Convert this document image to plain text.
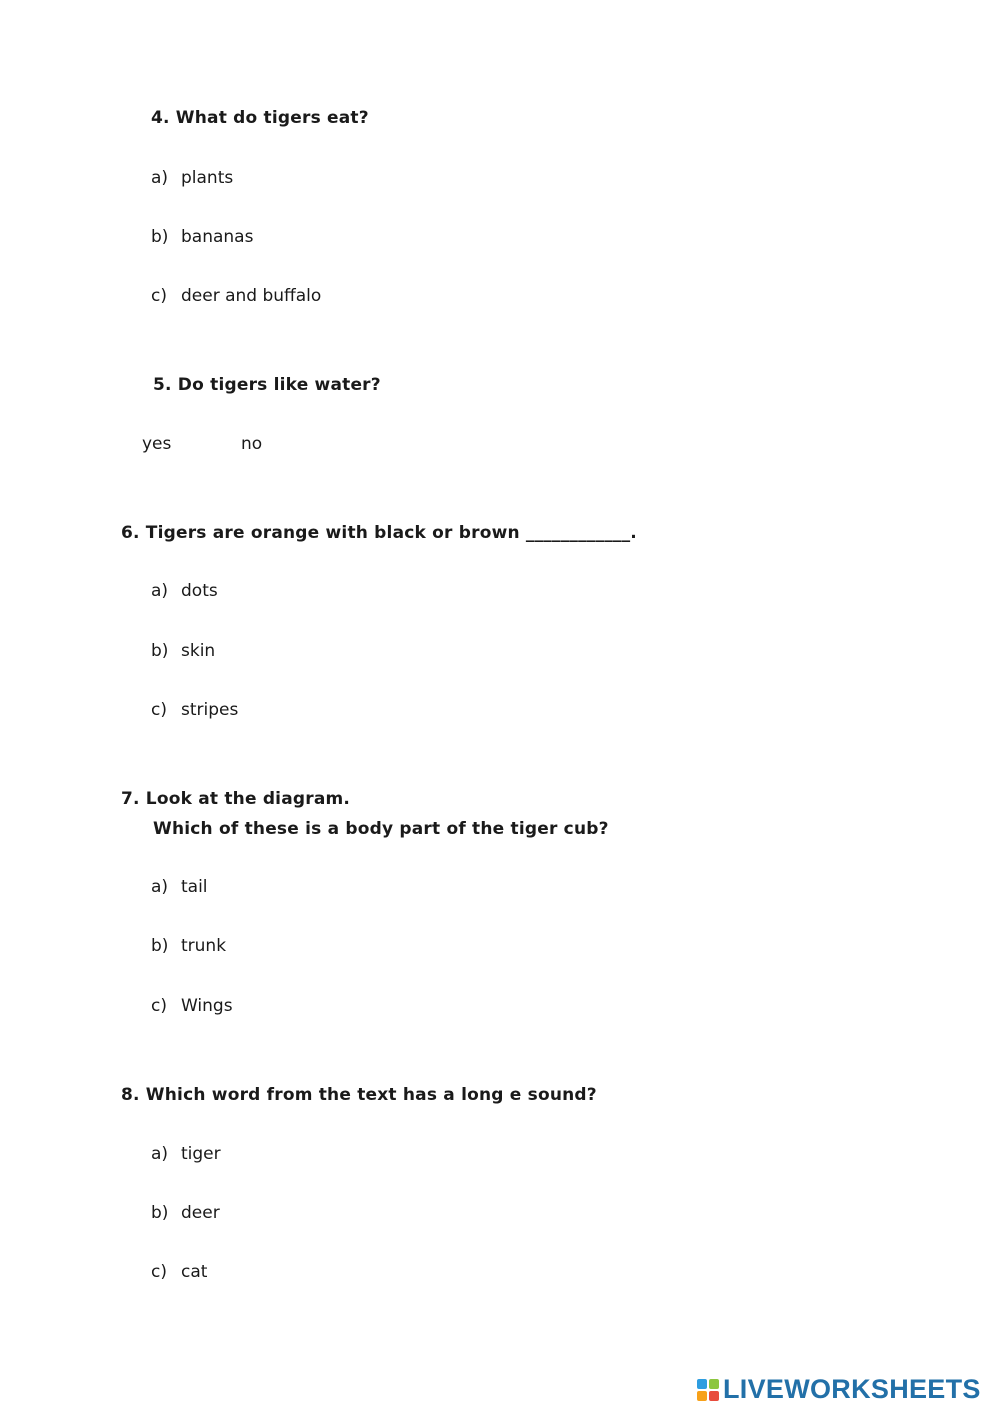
4. What do tigers eat?

a) plants

b) bananas

c) deer and buffalo

5. Do tigers like water?

yes	no

6. Tigers are orange with black or brown ____________.

a) dots

b) skin

c) stripes

7. Look at the diagram.

Which of these is a body part of the tiger cub?

a) tail

b) trunk

c) Wings

8. Which word from the text has a long e sound?

a) tiger

b) deer

c) cat

LIVEWORKSHEETS
